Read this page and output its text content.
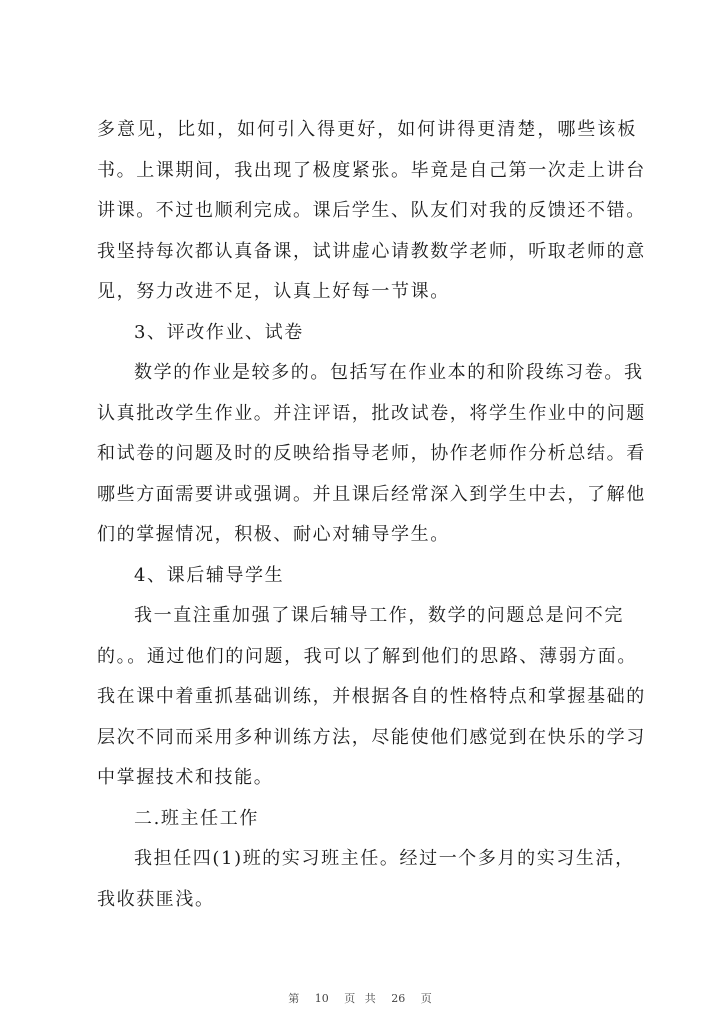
第 10 页 共 26 页
多意见，比如，如何引入得更好，如何讲得更清楚，哪些该板
书。上课期间，我出现了极度紧张。毕竟是自己第一次走上讲台
讲课。不过也顺利完成。课后学生、队友们对我的反馈还不错。
我坚持每次都认真备课，试讲虚心请教数学老师，听取老师的意
见，努力改进不足，认真上好每一节课。
3、评改作业、试卷
数学的作业是较多的。包括写在作业本的和阶段练习卷。我
认真批改学生作业。并注评语，批改试卷，将学生作业中的问题
和试卷的问题及时的反映给指导老师，协作老师作分析总结。看
哪些方面需要讲或强调。并且课后经常深入到学生中去，了解他
们的掌握情况，积极、耐心对辅导学生。
4、课后辅导学生
我一直注重加强了课后辅导工作，数学的问题总是问不完
的。。通过他们的问题，我可以了解到他们的思路、薄弱方面。
我在课中着重抓基础训练，并根据各自的性格特点和掌握基础的
层次不同而采用多种训练方法，尽能使他们感觉到在快乐的学习
中掌握技术和技能。
二.班主任工作
我担任四(1)班的实习班主任。经过一个多月的实习生活，
我收获匪浅。
